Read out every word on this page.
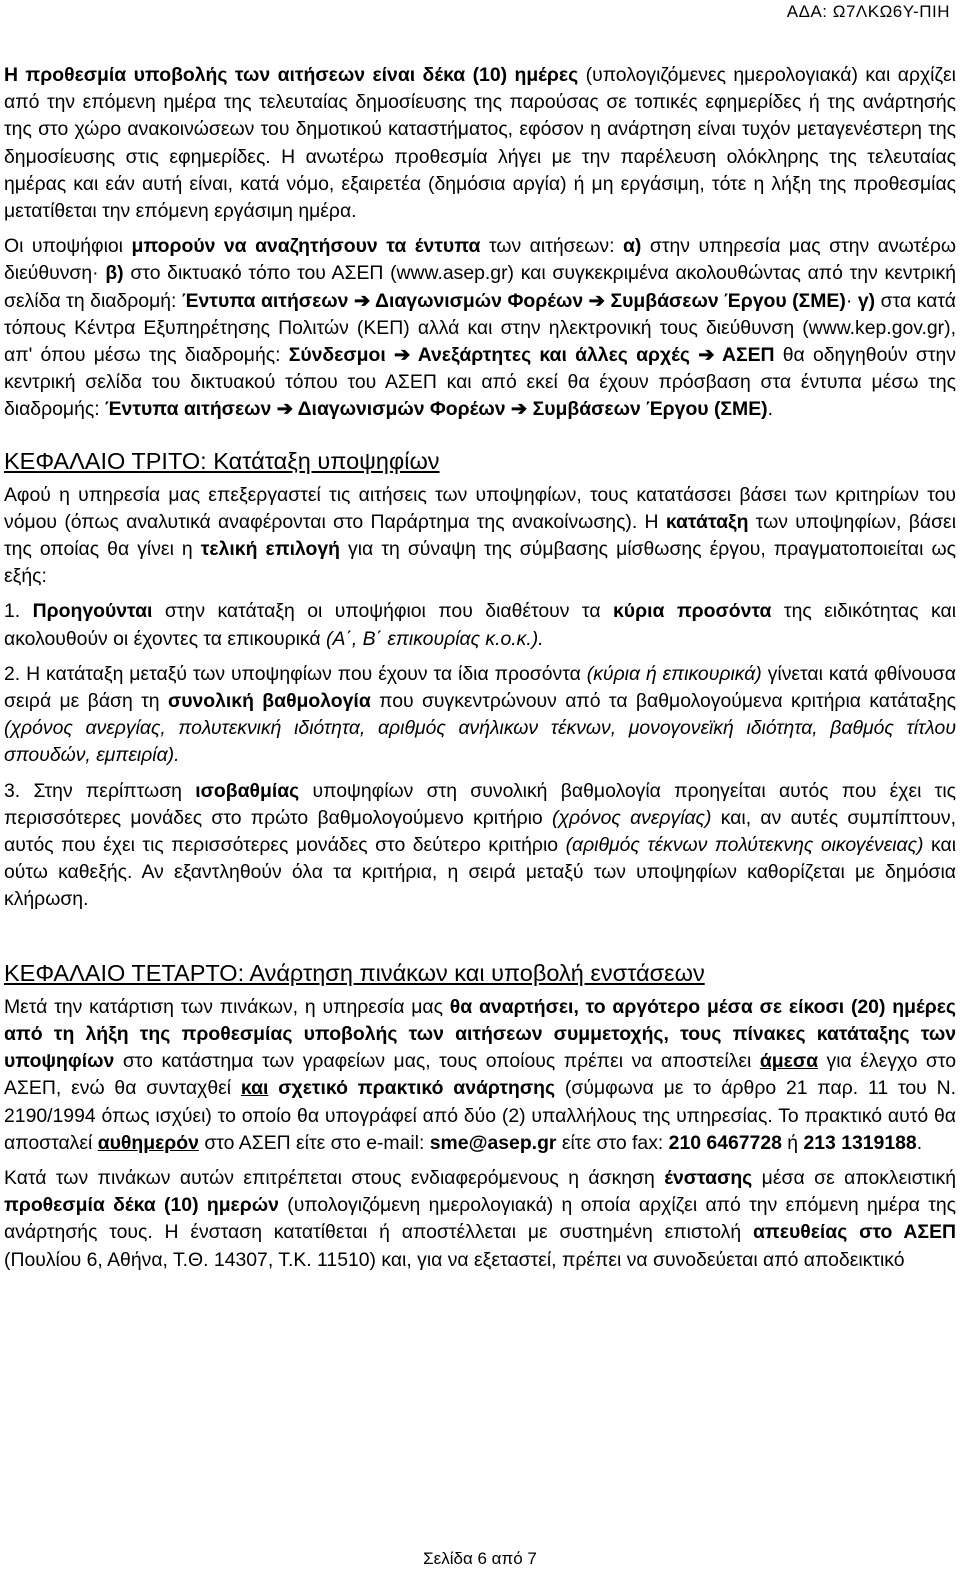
ΑΔΑ: Ω7ΛΚΩ6Υ-ΠΙΗ

Η προθεσμία υποβολής των αιτήσεων είναι δέκα (10) ημέρες (υπολογιζόμενες ημερολογιακά) και αρχίζει από την επόμενη ημέρα της τελευταίας δημοσίευσης της παρούσας σε τοπικές εφημερίδες ή της ανάρτησής της στο χώρο ανακοινώσεων του δημοτικού καταστήματος, εφόσον η ανάρτηση είναι τυχόν μεταγενέστερη της δημοσίευσης στις εφημερίδες. Η ανωτέρω προθεσμία λήγει με την παρέλευση ολόκληρης της τελευταίας ημέρας και εάν αυτή είναι, κατά νόμο, εξαιρετέα (δημόσια αργία) ή μη εργάσιμη, τότε η λήξη της προθεσμίας μετατίθεται την επόμενη εργάσιμη ημέρα.

Οι υποψήφιοι μπορούν να αναζητήσουν τα έντυπα των αιτήσεων: α) στην υπηρεσία μας στην ανωτέρω διεύθυνση· β) στο δικτυακό τόπο του ΑΣΕΠ (www.asep.gr) και συγκεκριμένα ακολουθώντας από την κεντρική σελίδα τη διαδρομή: Έντυπα αιτήσεων ➔ Διαγωνισμών Φορέων ➔ Συμβάσεων Έργου (ΣΜΕ)· γ) στα κατά τόπους Κέντρα Εξυπηρέτησης Πολιτών (ΚΕΠ) αλλά και στην ηλεκτρονική τους διεύθυνση (www.kep.gov.gr), απ' όπου μέσω της διαδρομής: Σύνδεσμοι ➔ Ανεξάρτητες και άλλες αρχές ➔ ΑΣΕΠ θα οδηγηθούν στην κεντρική σελίδα του δικτυακού τόπου του ΑΣΕΠ και από εκεί θα έχουν πρόσβαση στα έντυπα μέσω της διαδρομής: Έντυπα αιτήσεων ➔ Διαγωνισμών Φορέων ➔ Συμβάσεων Έργου (ΣΜΕ).

ΚΕΦΑΛΑΙΟ ΤΡΙΤΟ: Κατάταξη υποψηφίων

Αφού η υπηρεσία μας επεξεργαστεί τις αιτήσεις των υποψηφίων, τους κατατάσσει βάσει των κριτηρίων του νόμου (όπως αναλυτικά αναφέρονται στο Παράρτημα της ανακοίνωσης). Η κατάταξη των υποψηφίων, βάσει της οποίας θα γίνει η τελική επιλογή για τη σύναψη της σύμβασης μίσθωσης έργου, πραγματοποιείται ως εξής:

1. Προηγούνται στην κατάταξη οι υποψήφιοι που διαθέτουν τα κύρια προσόντα της ειδικότητας και ακολουθούν οι έχοντες τα επικουρικά (Α΄, Β΄ επικουρίας κ.ο.κ.).

2. Η κατάταξη μεταξύ των υποψηφίων που έχουν τα ίδια προσόντα (κύρια ή επικουρικά) γίνεται κατά φθίνουσα σειρά με βάση τη συνολική βαθμολογία που συγκεντρώνουν από τα βαθμολογούμενα κριτήρια κατάταξης (χρόνος ανεργίας, πολυτεκνική ιδιότητα, αριθμός ανήλικων τέκνων, μονογονεϊκή ιδιότητα, βαθμός τίτλου σπουδών, εμπειρία).

3. Στην περίπτωση ισοβαθμίας υποψηφίων στη συνολική βαθμολογία προηγείται αυτός που έχει τις περισσότερες μονάδες στο πρώτο βαθμολογούμενο κριτήριο (χρόνος ανεργίας) και, αν αυτές συμπίπτουν, αυτός που έχει τις περισσότερες μονάδες στο δεύτερο κριτήριο (αριθμός τέκνων πολύτεκνης οικογένειας) και ούτω καθεξής. Αν εξαντληθούν όλα τα κριτήρια, η σειρά μεταξύ των υποψηφίων καθορίζεται με δημόσια κλήρωση.

ΚΕΦΑΛΑΙΟ ΤΕΤΑΡΤΟ: Ανάρτηση πινάκων και υποβολή ενστάσεων

Μετά την κατάρτιση των πινάκων, η υπηρεσία μας θα αναρτήσει, το αργότερο μέσα σε είκοσι (20) ημέρες από τη λήξη της προθεσμίας υποβολής των αιτήσεων συμμετοχής, τους πίνακες κατάταξης των υποψηφίων στο κατάστημα των γραφείων μας, τους οποίους πρέπει να αποστείλει άμεσα για έλεγχο στο ΑΣΕΠ, ενώ θα συνταχθεί και σχετικό πρακτικό ανάρτησης (σύμφωνα με το άρθρο 21 παρ. 11 του Ν. 2190/1994 όπως ισχύει) το οποίο θα υπογράφεί από δύο (2) υπαλλήλους της υπηρεσίας. Το πρακτικό αυτό θα αποσταλεί αυθημερόν στο ΑΣΕΠ είτε στο e-mail: sme@asep.gr είτε στο fax: 210 6467728 ή 213 1319188.

Κατά των πινάκων αυτών επιτρέπεται στους ενδιαφερόμενους η άσκηση ένστασης μέσα σε αποκλειστική προθεσμία δέκα (10) ημερών (υπολογιζόμενη ημερολογιακά) η οποία αρχίζει από την επόμενη ημέρα της ανάρτησής τους. Η ένσταση κατατίθεται ή αποστέλλεται με συστημένη επιστολή απευθείας στο ΑΣΕΠ (Πουλίου 6, Αθήνα, Τ.Θ. 14307, Τ.Κ. 11510) και, για να εξεταστεί, πρέπει να συνοδεύεται από αποδεικτικό

Σελίδα 6 από 7
